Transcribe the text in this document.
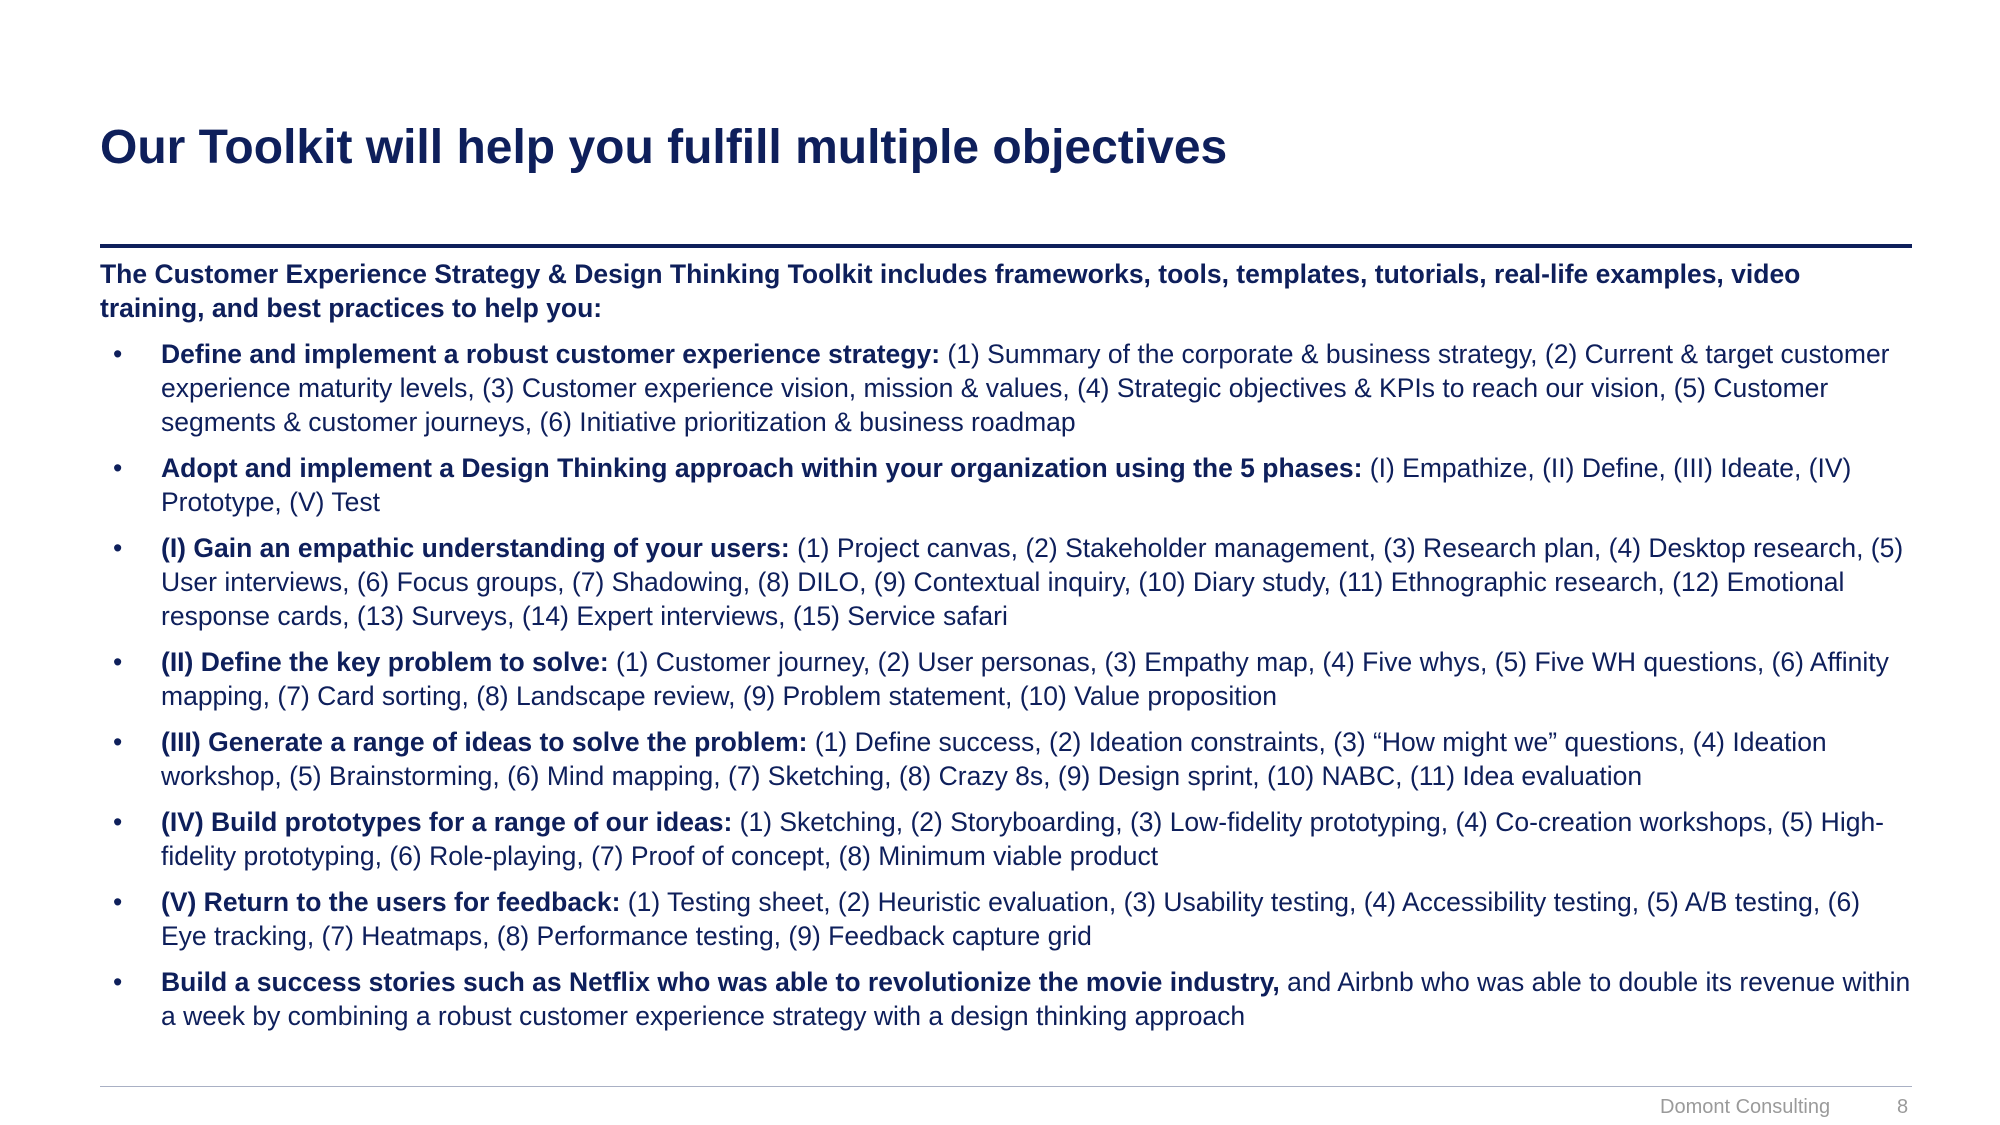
Our Toolkit will help you fulfill multiple objectives

The Customer Experience Strategy & Design Thinking Toolkit includes frameworks, tools, templates, tutorials, real-life examples, video training, and best practices to help you:

• Define and implement a robust customer experience strategy: (1) Summary of the corporate & business strategy, (2) Current & target customer experience maturity levels, (3) Customer experience vision, mission & values, (4) Strategic objectives & KPIs to reach our vision, (5) Customer segments & customer journeys, (6) Initiative prioritization & business roadmap
• Adopt and implement a Design Thinking approach within your organization using the 5 phases: (I) Empathize, (II) Define, (III) Ideate, (IV) Prototype, (V) Test
• (I) Gain an empathic understanding of your users: (1) Project canvas, (2) Stakeholder management, (3) Research plan, (4) Desktop research, (5) User interviews, (6) Focus groups, (7) Shadowing, (8) DILO, (9) Contextual inquiry, (10) Diary study, (11) Ethnographic research, (12) Emotional response cards, (13) Surveys, (14) Expert interviews, (15) Service safari
• (II) Define the key problem to solve: (1) Customer journey, (2) User personas, (3) Empathy map, (4) Five whys, (5) Five WH questions, (6) Affinity mapping, (7) Card sorting, (8) Landscape review, (9) Problem statement, (10) Value proposition
• (III) Generate a range of ideas to solve the problem: (1) Define success, (2) Ideation constraints, (3) “How might we” questions, (4) Ideation workshop, (5) Brainstorming, (6) Mind mapping, (7) Sketching, (8) Crazy 8s, (9) Design sprint, (10) NABC, (11) Idea evaluation
• (IV) Build prototypes for a range of our ideas: (1) Sketching, (2) Storyboarding, (3) Low-fidelity prototyping, (4) Co-creation workshops, (5) High-fidelity prototyping, (6) Role-playing, (7) Proof of concept, (8) Minimum viable product
• (V) Return to the users for feedback: (1) Testing sheet, (2) Heuristic evaluation, (3) Usability testing, (4) Accessibility testing, (5) A/B testing, (6) Eye tracking, (7) Heatmaps, (8) Performance testing, (9) Feedback capture grid
• Build a success stories such as Netflix who was able to revolutionize the movie industry, and Airbnb who was able to double its revenue within a week by combining a robust customer experience strategy with a design thinking approach
Domont Consulting	8
